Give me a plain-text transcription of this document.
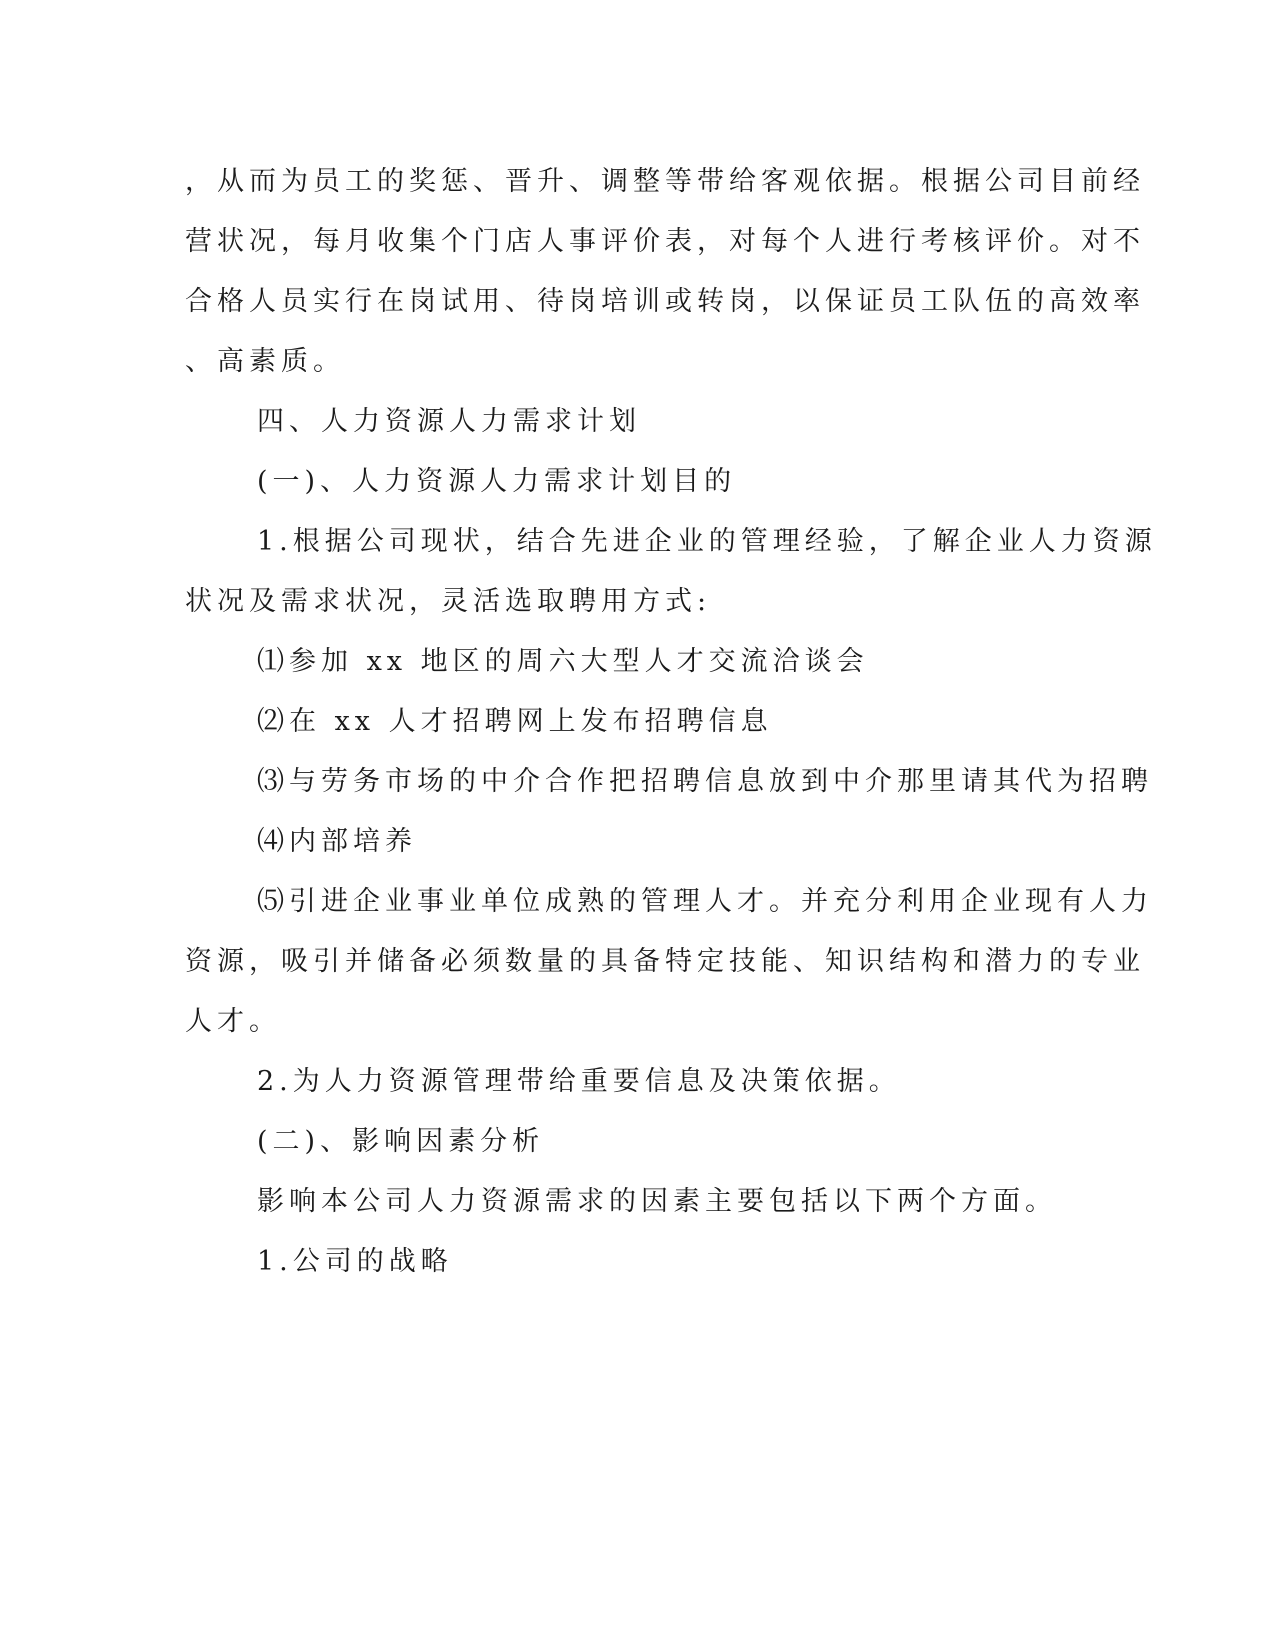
，从而为员工的奖惩、晋升、调整等带给客观依据。根据公司目前经
营状况，每月收集个门店人事评价表，对每个人进行考核评价。对不
合格人员实行在岗试用、待岗培训或转岗，以保证员工队伍的高效率
、高素质。
四、人力资源人力需求计划
(一)、人力资源人力需求计划目的
1.根据公司现状，结合先进企业的管理经验，了解企业人力资源
状况及需求状况，灵活选取聘用方式:
⑴参加 xx 地区的周六大型人才交流洽谈会
⑵在 xx 人才招聘网上发布招聘信息
⑶与劳务市场的中介合作把招聘信息放到中介那里请其代为招聘
⑷内部培养
⑸引进企业事业单位成熟的管理人才。并充分利用企业现有人力
资源，吸引并储备必须数量的具备特定技能、知识结构和潜力的专业
人才。
2.为人力资源管理带给重要信息及决策依据。
(二)、影响因素分析
影响本公司人力资源需求的因素主要包括以下两个方面。
1.公司的战略
